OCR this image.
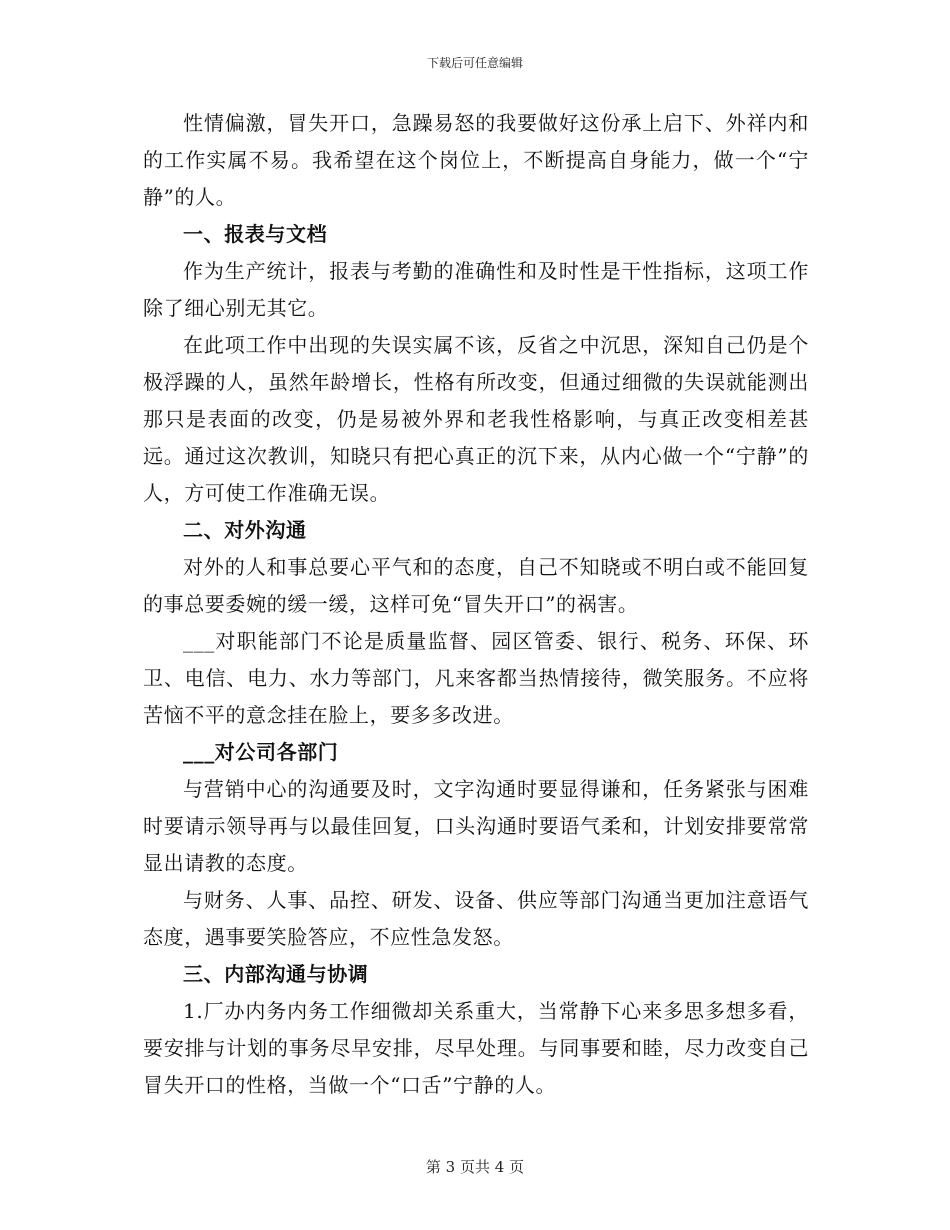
下载后可任意编辑

性情偏激，冒失开口，急躁易怒的我要做好这份承上启下、外祥内和的工作实属不易。我希望在这个岗位上，不断提高自身能力，做一个“宁静”的人。

一、报表与文档

作为生产统计，报表与考勤的准确性和及时性是干性指标，这项工作除了细心别无其它。

在此项工作中出现的失误实属不该，反省之中沉思，深知自己仍是个极浮躁的人，虽然年龄增长，性格有所改变，但通过细微的失误就能测出那只是表面的改变，仍是易被外界和老我性格影响，与真正改变相差甚远。通过这次教训，知晓只有把心真正的沉下来，从内心做一个“宁静”的人，方可使工作准确无误。

二、对外沟通

对外的人和事总要心平气和的态度，自己不知晓或不明白或不能回复的事总要委婉的缓一缓，这样可免“冒失开口”的祸害。

___对职能部门不论是质量监督、园区管委、银行、税务、环保、环卫、电信、电力、水力等部门，凡来客都当热情接待，微笑服务。不应将苦恼不平的意念挂在脸上，要多多改进。

___对公司各部门

与营销中心的沟通要及时，文字沟通时要显得谦和，任务紧张与困难时要请示领导再与以最佳回复，口头沟通时要语气柔和，计划安排要常常显出请教的态度。

与财务、人事、品控、研发、设备、供应等部门沟通当更加注意语气态度，遇事要笑脸答应，不应性急发怒。

三、内部沟通与协调

1.厂办内务内务工作细微却关系重大，当常静下心来多思多想多看，要安排与计划的事务尽早安排，尽早处理。与同事要和睦，尽力改变自己冒失开口的性格，当做一个“口舌”宁静的人。

第 3 页共 4 页
